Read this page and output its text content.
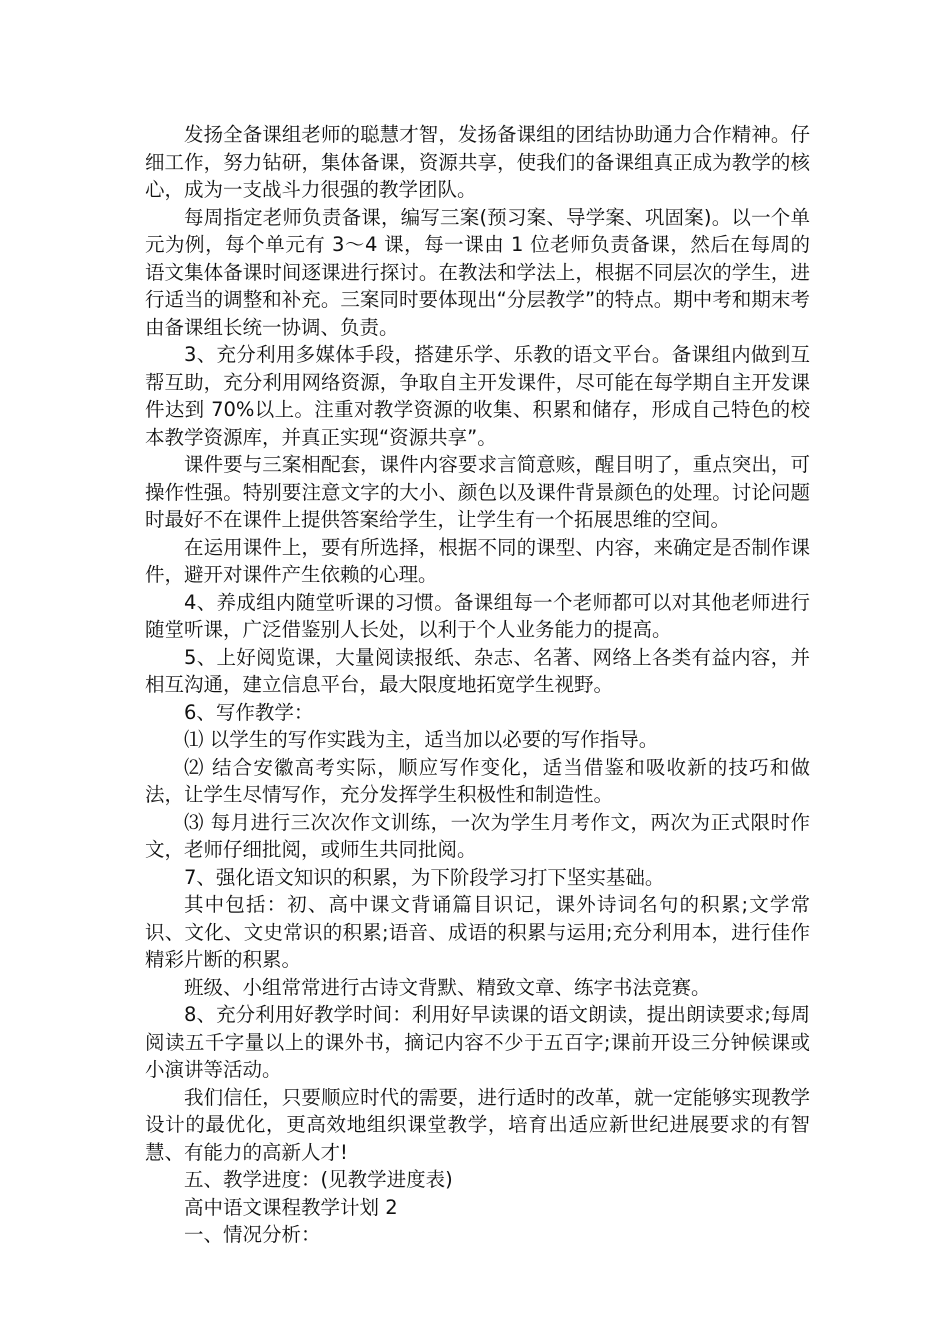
发扬全备课组老师的聪慧才智，发扬备课组的团结协助通力合作精神。仔细工作，努力钻研，集体备课，资源共享，使我们的备课组真正成为教学的核心，成为一支战斗力很强的教学团队。

每周指定老师负责备课，编写三案(预习案、导学案、巩固案)。以一个单元为例，每个单元有 3～4 课，每一课由 1 位老师负责备课，然后在每周的语文集体备课时间逐课进行探讨。在教法和学法上，根据不同层次的学生，进行适当的调整和补充。三案同时要体现出“分层教学”的特点。期中考和期末考由备课组长统一协调、负责。

3、充分利用多媒体手段，搭建乐学、乐教的语文平台。备课组内做到互帮互助，充分利用网络资源，争取自主开发课件，尽可能在每学期自主开发课件达到 70%以上。注重对教学资源的收集、积累和储存，形成自己特色的校本教学资源库，并真正实现“资源共享”。

课件要与三案相配套，课件内容要求言简意赅，醒目明了，重点突出，可操作性强。特别要注意文字的大小、颜色以及课件背景颜色的处理。讨论问题时最好不在课件上提供答案给学生，让学生有一个拓展思维的空间。

在运用课件上，要有所选择，根据不同的课型、内容，来确定是否制作课件，避开对课件产生依赖的心理。

4、养成组内随堂听课的习惯。备课组每一个老师都可以对其他老师进行随堂听课，广泛借鉴别人长处，以利于个人业务能力的提高。

5、上好阅览课，大量阅读报纸、杂志、名著、网络上各类有益内容，并相互沟通，建立信息平台，最大限度地拓宽学生视野。

6、写作教学：

⑴ 以学生的写作实践为主，适当加以必要的写作指导。

⑵ 结合安徽高考实际，顺应写作变化，适当借鉴和吸收新的技巧和做法，让学生尽情写作，充分发挥学生积极性和制造性。

⑶ 每月进行三次次作文训练，一次为学生月考作文，两次为正式限时作文，老师仔细批阅，或师生共同批阅。

7、强化语文知识的积累，为下阶段学习打下坚实基础。

其中包括：初、高中课文背诵篇目识记，课外诗词名句的积累;文学常识、文化、文史常识的积累;语音、成语的积累与运用;充分利用本，进行佳作精彩片断的积累。

班级、小组常常进行古诗文背默、精致文章、练字书法竞赛。

8、充分利用好教学时间：利用好早读课的语文朗读，提出朗读要求;每周阅读五千字量以上的课外书，摘记内容不少于五百字;课前开设三分钟候课或小演讲等活动。

我们信任，只要顺应时代的需要，进行适时的改革，就一定能够实现教学设计的最优化，更高效地组织课堂教学，培育出适应新世纪进展要求的有智慧、有能力的高新人才!

五、教学进度：(见教学进度表)

高中语文课程教学计划 2

一、情况分析：
